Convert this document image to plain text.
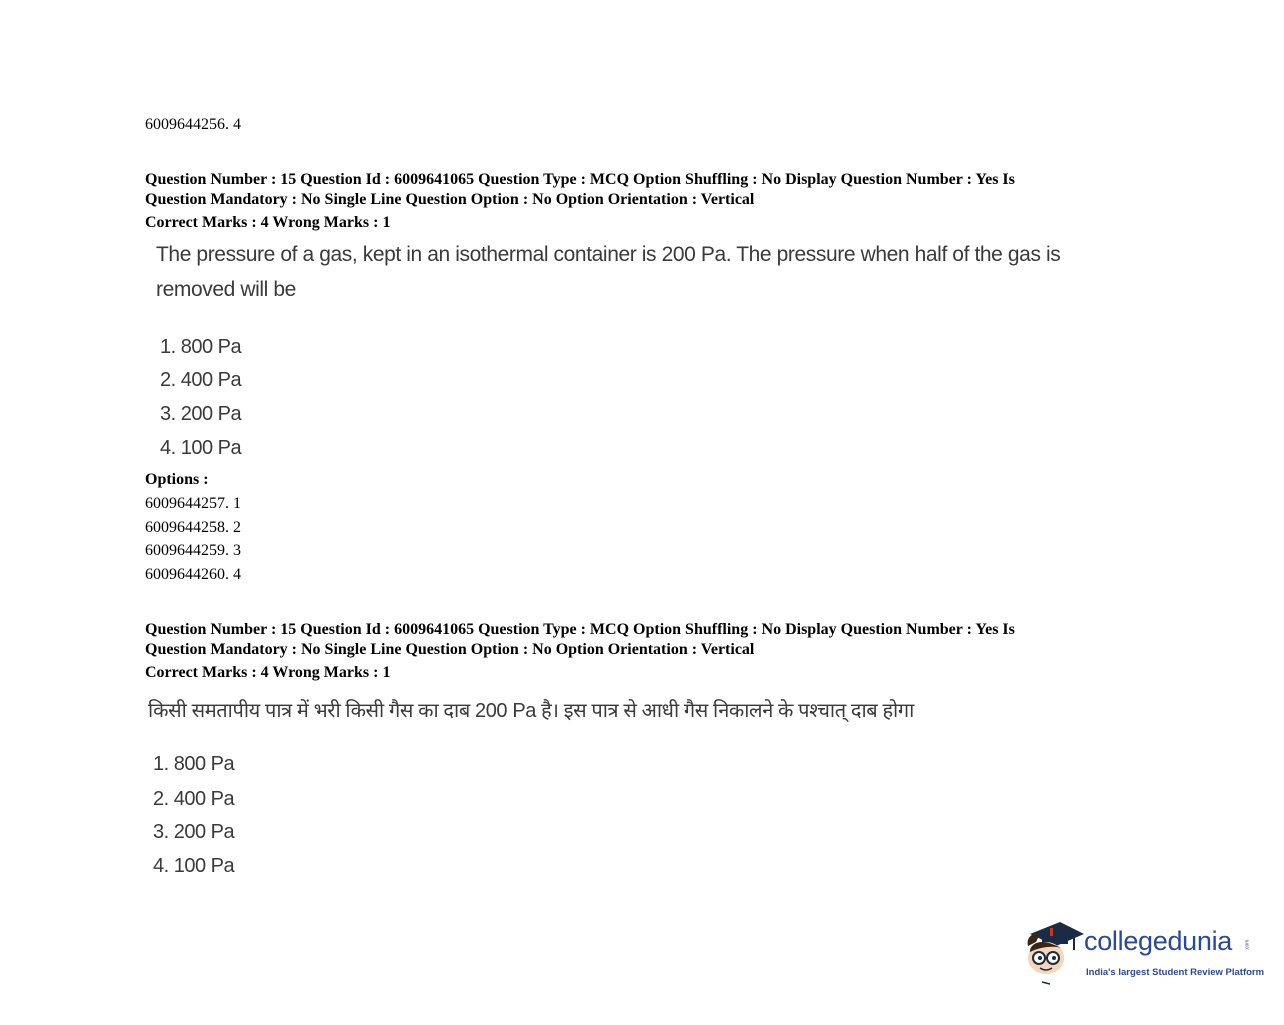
6009644256. 4
Question Number : 15 Question Id : 6009641065 Question Type : MCQ Option Shuffling : No Display Question Number : Yes Is
Question Mandatory : No Single Line Question Option : No Option Orientation : Vertical
Correct Marks : 4 Wrong Marks : 1
The pressure of a gas, kept in an isothermal container is 200 Pa. The pressure when half of the gas is
removed will be
1. 800 Pa
2. 400 Pa
3. 200 Pa
4. 100 Pa
Options :
6009644257. 1
6009644258. 2
6009644259. 3
6009644260. 4
Question Number : 15 Question Id : 6009641065 Question Type : MCQ Option Shuffling : No Display Question Number : Yes Is
Question Mandatory : No Single Line Question Option : No Option Orientation : Vertical
Correct Marks : 4 Wrong Marks : 1
किसी समतापीय पात्र में भरी किसी गैस का दाब 200 Pa है। इस पात्र से आधी गैस निकालने के पश्चात् दाब होगा
1. 800 Pa
2. 400 Pa
3. 200 Pa
4. 100 Pa
collegedunia .com
India's largest Student Review Platform
